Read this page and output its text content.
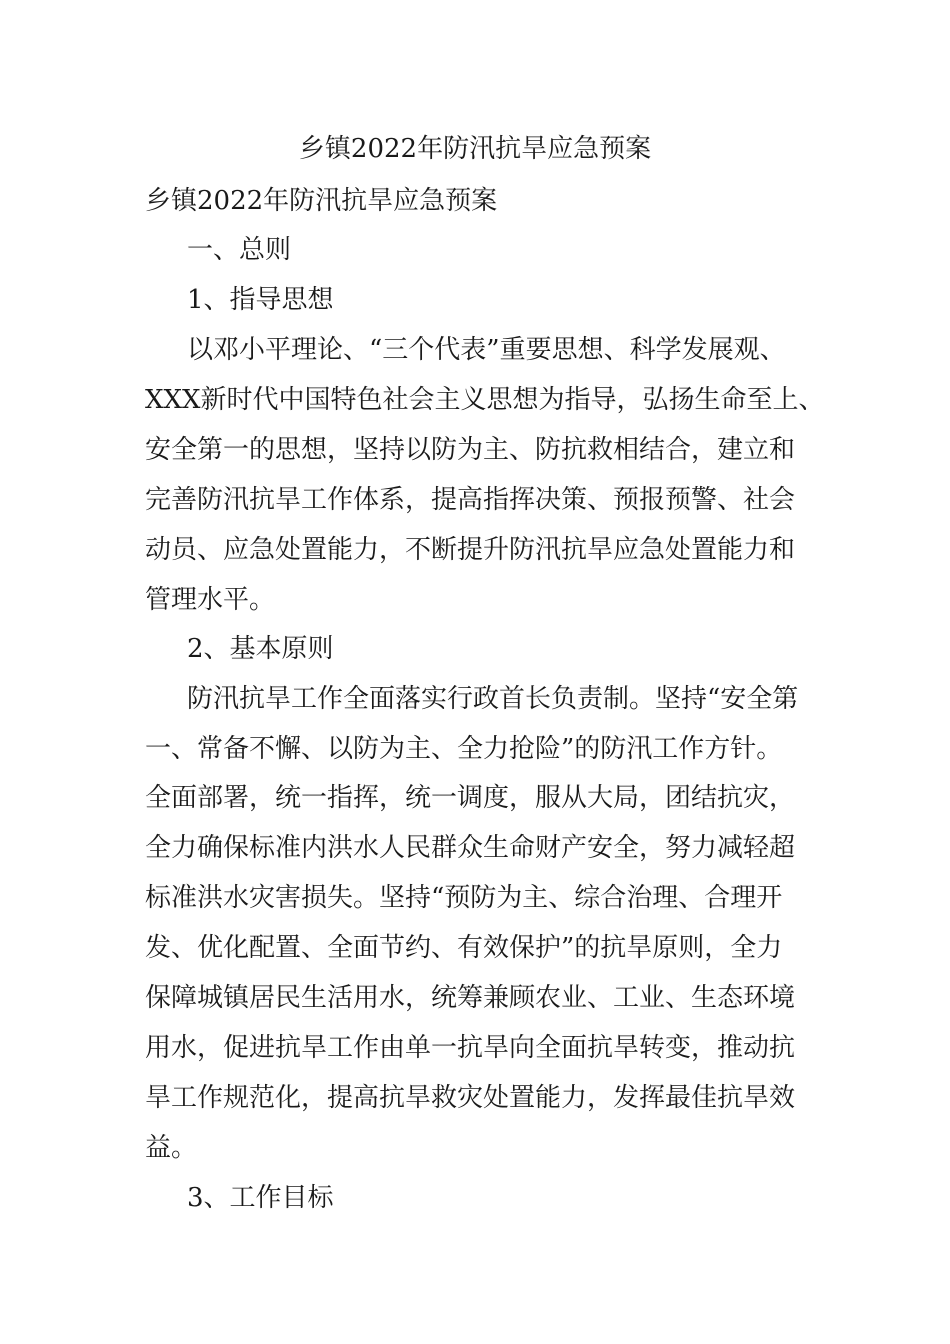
乡镇2022年防汛抗旱应急预案

乡镇2022年防汛抗旱应急预案

一、总则

1、指导思想

以邓小平理论、“三个代表”重要思想、科学发展观、

XXX新时代中国特色社会主义思想为指导，弘扬生命至上、

安全第一的思想，坚持以防为主、防抗救相结合，建立和

完善防汛抗旱工作体系，提高指挥决策、预报预警、社会

动员、应急处置能力，不断提升防汛抗旱应急处置能力和

管理水平。

2、基本原则

防汛抗旱工作全面落实行政首长负责制。坚持“安全第

一、常备不懈、以防为主、全力抢险”的防汛工作方针。

全面部署，统一指挥，统一调度，服从大局，团结抗灾，

全力确保标准内洪水人民群众生命财产安全，努力减轻超

标准洪水灾害损失。坚持“预防为主、综合治理、合理开

发、优化配置、全面节约、有效保护”的抗旱原则，全力

保障城镇居民生活用水，统筹兼顾农业、工业、生态环境

用水，促进抗旱工作由单一抗旱向全面抗旱转变，推动抗

旱工作规范化，提高抗旱救灾处置能力，发挥最佳抗旱效

益。

3、工作目标
